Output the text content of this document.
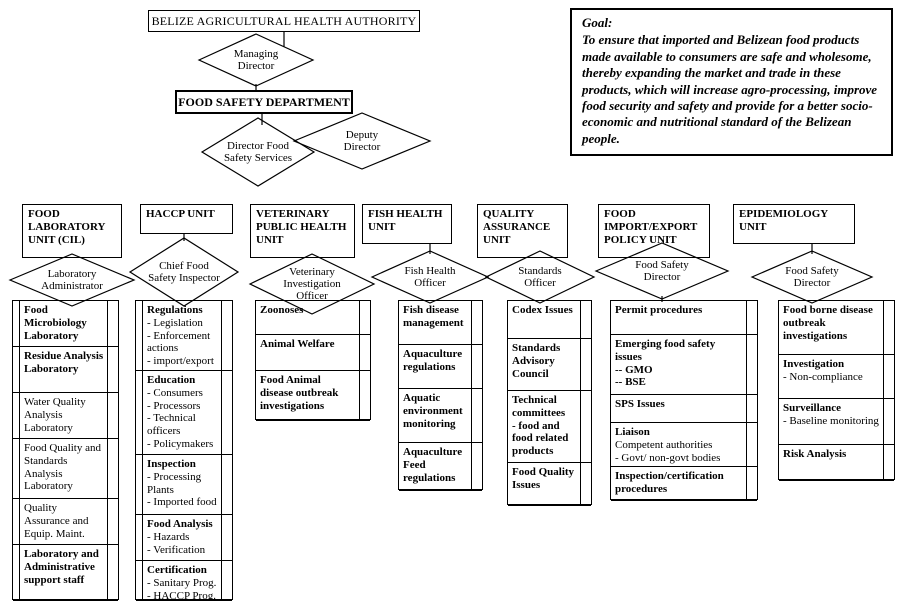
BELIZE AGRICULTURAL HEALTH AUTHORITY
FOOD SAFETY DEPARTMENT
Goal:
To ensure that imported and Belizean food products made available to consumers are safe and wholesome, thereby expanding the market and trade in these products, which will increase agro-processing, improve food security and safety and provide for a better socio-economic and nutritional standard of the Belizean people.
Managing Director
Director Food Safety Services
Deputy Director
FOOD LABORATORY UNIT (CIL)
Laboratory Administrator
Food Microbiology Laboratory
Residue Analysis Laboratory
Water Quality Analysis Laboratory
Food Quality and Standards Analysis Laboratory
Quality Assurance and Equip. Maint.
Laboratory and Administrative support staff
HACCP UNIT
Chief Food Safety Inspector
Regulations
- Legislation
- Enforcement actions
- import/export
Education
- Consumers
- Processors
- Technical officers
- Policymakers
Inspection
- Processing Plants
- Imported food
Food Analysis
- Hazards
- Verification
Certification
- Sanitary Prog.
- HACCP Prog.
VETERINARY PUBLIC HEALTH UNIT
Veterinary Investigation Officer
Zoonoses
Animal Welfare
Food Animal disease outbreak investigations
FISH HEALTH UNIT
Fish Health Officer
Fish disease management
Aquaculture regulations
Aquatic environment monitoring
Aquaculture Feed regulations
QUALITY ASSURANCE UNIT
Standards Officer
Codex Issues
Standards Advisory Council
Technical committees
- food and food related products
Food Quality Issues
FOOD IMPORT/EXPORT POLICY UNIT
Food Safety Director
Permit procedures
Emerging food safety issues
-- GMO
-- BSE
SPS Issues
Liaison
Competent authorities
- Govt/ non-govt bodies
Inspection/certification procedures
EPIDEMIOLOGY UNIT
Food Safety Director
Food borne disease outbreak investigations
Investigation
- Non-compliance
Surveillance
- Baseline monitoring
Risk Analysis
